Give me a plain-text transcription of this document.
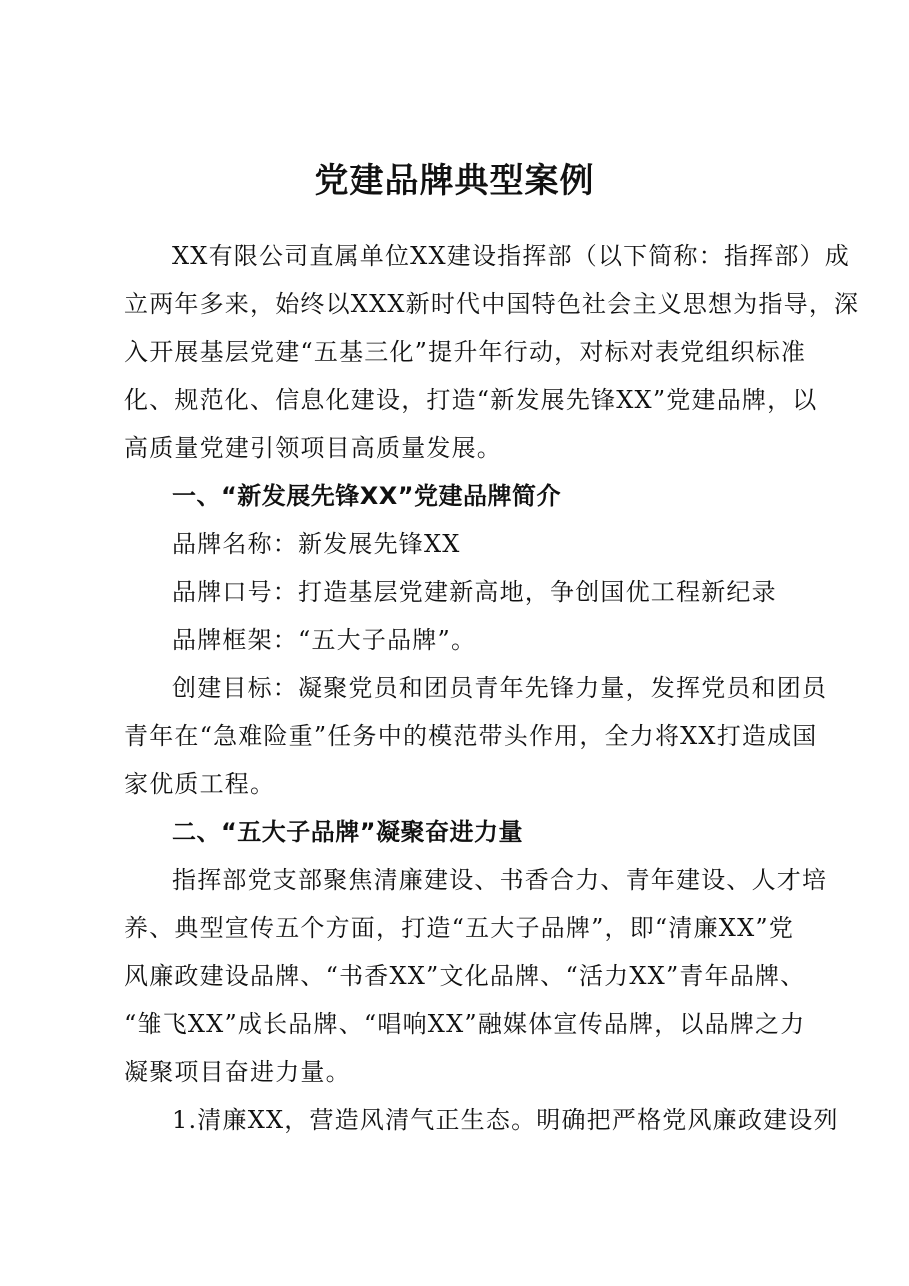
党建品牌典型案例
XX有限公司直属单位XX建设指挥部（以下简称：指挥部）成
立两年多来，始终以XXX新时代中国特色社会主义思想为指导，深
入开展基层党建“五基三化”提升年行动，对标对表党组织标准
化、规范化、信息化建设，打造“新发展先锋XX”党建品牌，以
高质量党建引领项目高质量发展。
一、“新发展先锋XX”党建品牌简介
品牌名称：新发展先锋XX
品牌口号：打造基层党建新高地，争创国优工程新纪录
品牌框架：“五大子品牌”。
创建目标：凝聚党员和团员青年先锋力量，发挥党员和团员
青年在“急难险重”任务中的模范带头作用，全力将XX打造成国
家优质工程。
二、“五大子品牌”凝聚奋进力量
指挥部党支部聚焦清廉建设、书香合力、青年建设、人才培
养、典型宣传五个方面，打造“五大子品牌”，即“清廉XX”党
风廉政建设品牌、“书香XX”文化品牌、“活力XX”青年品牌、
“雏飞XX”成长品牌、“唱响XX”融媒体宣传品牌，以品牌之力
凝聚项目奋进力量。
1.清廉XX，营造风清气正生态。明确把严格党风廉政建设列
